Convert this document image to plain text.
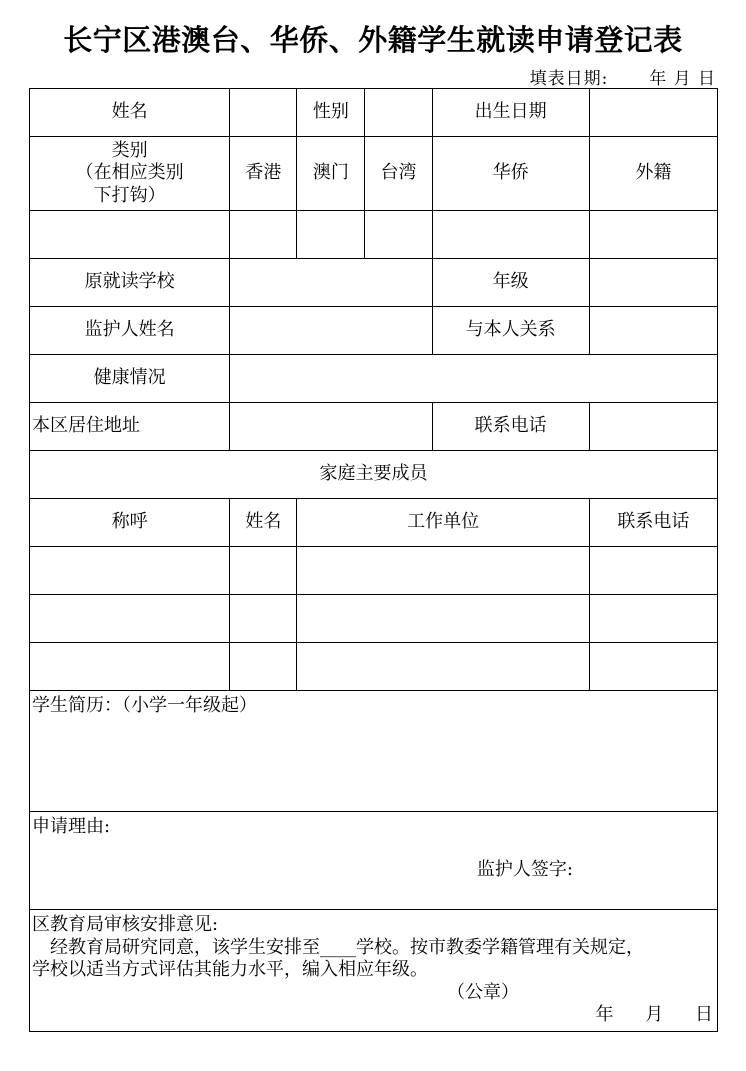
长宁区港澳台、华侨、外籍学生就读申请登记表
填表日期: 年 月 日
姓名		性别		出生日期	

类别
（在相应类别
下打钩）	香港	澳门	台湾	华侨	外籍

原就读学校				年级	
监护人姓名				与本人关系	
健康情况					
本区居住地址				联系电话	
家庭主要成员					
称呼	姓名	工作单位			联系电话

学生简历：（小学一年级起）					
申请理由:
监护人签字:					

区教育局审核安排意见:
经教育局研究同意，该学生安排至____学校。按市教委学籍管理有关规定，
学校以适当方式评估其能力水平，编入相应年级。
（公章）
年 月 日					
